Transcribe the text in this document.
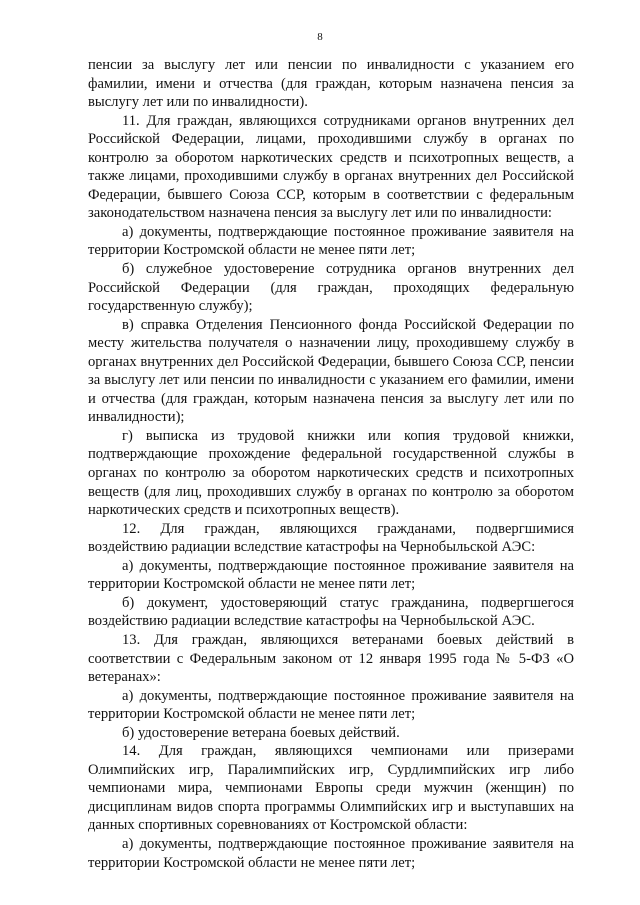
8

пенсии за выслугу лет или пенсии по инвалидности с указанием его фамилии, имени и отчества (для граждан, которым назначена пенсия за выслугу лет или по инвалидности).

11. Для граждан, являющихся сотрудниками органов внутренних дел Российской Федерации, лицами, проходившими службу в органах по контролю за оборотом наркотических средств и психотропных веществ, а также лицами, проходившими службу в органах внутренних дел Российской Федерации, бывшего Союза ССР, которым в соответствии с федеральным законодательством назначена пенсия за выслугу лет или по инвалидности:

а) документы, подтверждающие постоянное проживание заявителя на территории Костромской области не менее пяти лет;

б) служебное удостоверение сотрудника органов внутренних дел Российской Федерации (для граждан, проходящих федеральную государственную службу);

в) справка Отделения Пенсионного фонда Российской Федерации по месту жительства получателя о назначении лицу, проходившему службу в органах внутренних дел Российской Федерации, бывшего Союза ССР, пенсии за выслугу лет или пенсии по инвалидности с указанием его фамилии, имени и отчества (для граждан, которым назначена пенсия за выслугу лет или по инвалидности);

г) выписка из трудовой книжки или копия трудовой книжки, подтверждающие прохождение федеральной государственной службы в органах по контролю за оборотом наркотических средств и психотропных веществ (для лиц, проходивших службу в органах по контролю за оборотом наркотических средств и психотропных веществ).

12. Для граждан, являющихся гражданами, подвергшимися воздействию радиации вследствие катастрофы на Чернобыльской АЭС:

а) документы, подтверждающие постоянное проживание заявителя на территории Костромской области не менее пяти лет;

б) документ, удостоверяющий статус гражданина, подвергшегося воздействию радиации вследствие катастрофы на Чернобыльской АЭС.

13. Для граждан, являющихся ветеранами боевых действий в соответствии с Федеральным законом от 12 января 1995 года № 5-ФЗ «О ветеранах»:

а) документы, подтверждающие постоянное проживание заявителя на территории Костромской области не менее пяти лет;

б) удостоверение ветерана боевых действий.

14. Для граждан, являющихся чемпионами или призерами Олимпийских игр, Паралимпийских игр, Сурдлимпийских игр либо чемпионами мира, чемпионами Европы среди мужчин (женщин) по дисциплинам видов спорта программы Олимпийских игр и выступавших на данных спортивных соревнованиях от Костромской области:

а) документы, подтверждающие постоянное проживание заявителя на территории Костромской области не менее пяти лет;
